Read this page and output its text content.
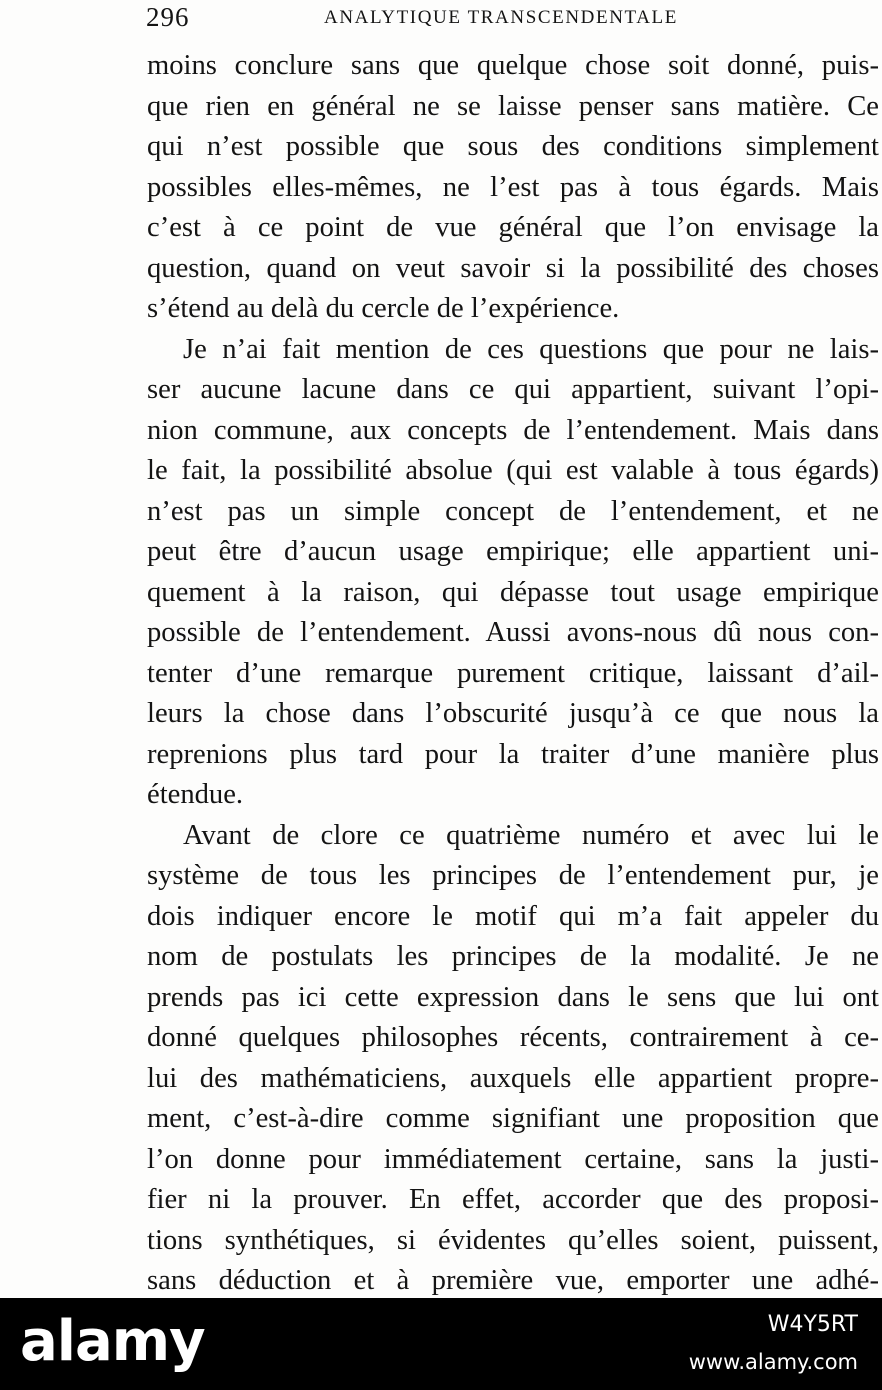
296	ANALYTIQUE TRANSCENDENTALE
moins conclure sans que quelque chose soit donné, puis-
que rien en général ne se laisse penser sans matière. Ce
qui n’est possible que sous des conditions simplement
possibles elles-mêmes, ne l’est pas à tous égards. Mais
c’est à ce point de vue général que l’on envisage la
question, quand on veut savoir si la possibilité des choses
s’étend au delà du cercle de l’expérience.
Je n’ai fait mention de ces questions que pour ne lais-
ser aucune lacune dans ce qui appartient, suivant l’opi-
nion commune, aux concepts de l’entendement. Mais dans
le fait, la possibilité absolue (qui est valable à tous égards)
n’est pas un simple concept de l’entendement, et ne
peut être d’aucun usage empirique; elle appartient uni-
quement à la raison, qui dépasse tout usage empirique
possible de l’entendement. Aussi avons-nous dû nous con-
tenter d’une remarque purement critique, laissant d’ail-
leurs la chose dans l’obscurité jusqu’à ce que nous la
reprenions plus tard pour la traiter d’une manière plus
étendue.
Avant de clore ce quatrième numéro et avec lui le
système de tous les principes de l’entendement pur, je
dois indiquer encore le motif qui m’a fait appeler du
nom de postulats les principes de la modalité. Je ne
prends pas ici cette expression dans le sens que lui ont
donné quelques philosophes récents, contrairement à ce-
lui des mathématiciens, auxquels elle appartient propre-
ment, c’est-à-dire comme signifiant une proposition que
l’on donne pour immédiatement certaine, sans la justi-
fier ni la prouver. En effet, accorder que des proposi-
tions synthétiques, si évidentes qu’elles soient, puissent,
sans déduction et à première vue, emporter une adhé-
alamy	W4Y5RT
www.alamy.com
